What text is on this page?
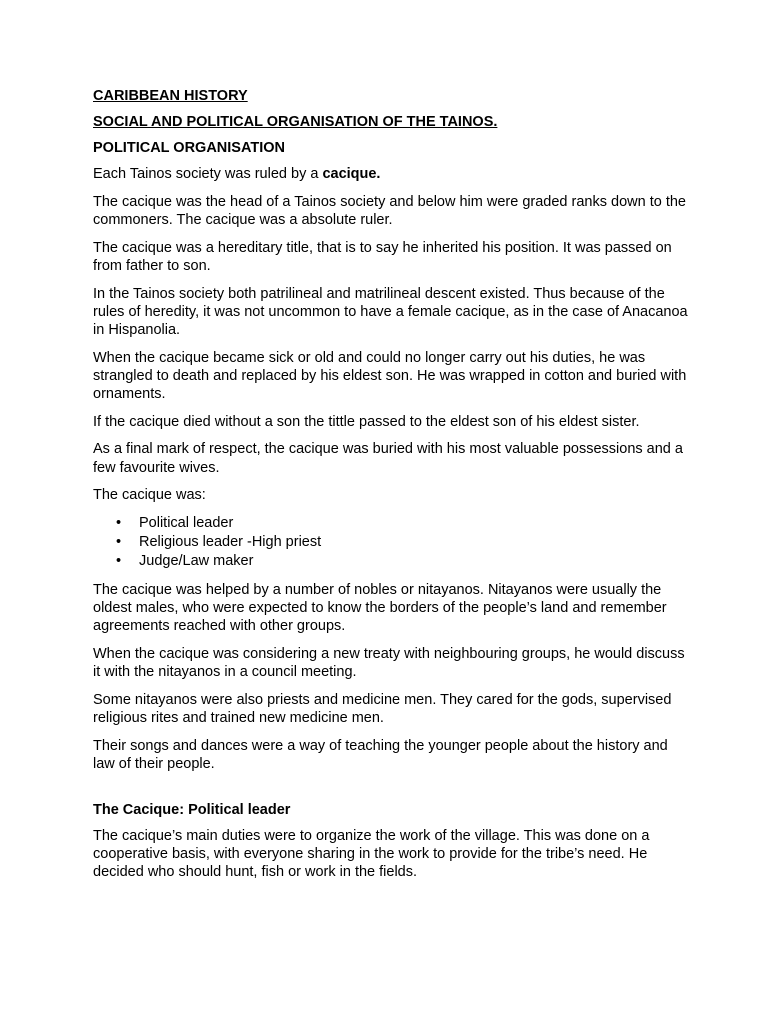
CARIBBEAN HISTORY
SOCIAL AND POLITICAL ORGANISATION OF THE TAINOS.
POLITICAL ORGANISATION

Each Tainos society was ruled by a cacique.

The cacique was the head of a Tainos society and below him were graded ranks down to the commoners. The cacique was a absolute ruler.

The cacique was a hereditary title, that is to say he inherited his position. It was passed on from father to son.

In the Tainos society both patrilineal and matrilineal descent existed. Thus because of the rules of heredity, it was not uncommon to have a female cacique, as in the case of Anacanoa in Hispanolia.

When the cacique became sick or old and could no longer carry out his duties, he was strangled to death and replaced by his eldest son. He was wrapped in cotton and buried with ornaments.

If the cacique died without a son the tittle passed to the eldest son of his eldest sister.

As a final mark of respect, the cacique was buried with his most valuable possessions and a few favourite wives.

The cacique was:

• Political leader
• Religious leader -High priest
• Judge/Law maker

The cacique was helped by a number of nobles or nitayanos. Nitayanos were usually the oldest males, who were expected to know the borders of the people’s land and remember agreements reached with other groups.

When the cacique was considering a new treaty with neighbouring groups, he would discuss it with the nitayanos in a council meeting.

Some nitayanos were also priests and medicine men. They cared for the gods, supervised religious rites and trained new medicine men.

Their songs and dances were a way of teaching the younger people about the history and law of their people.

The Cacique: Political leader

The cacique’s main duties were to organize the work of the village. This was done on a cooperative basis, with everyone sharing in the work to provide for the tribe’s need. He decided who should hunt, fish or work in the fields.
